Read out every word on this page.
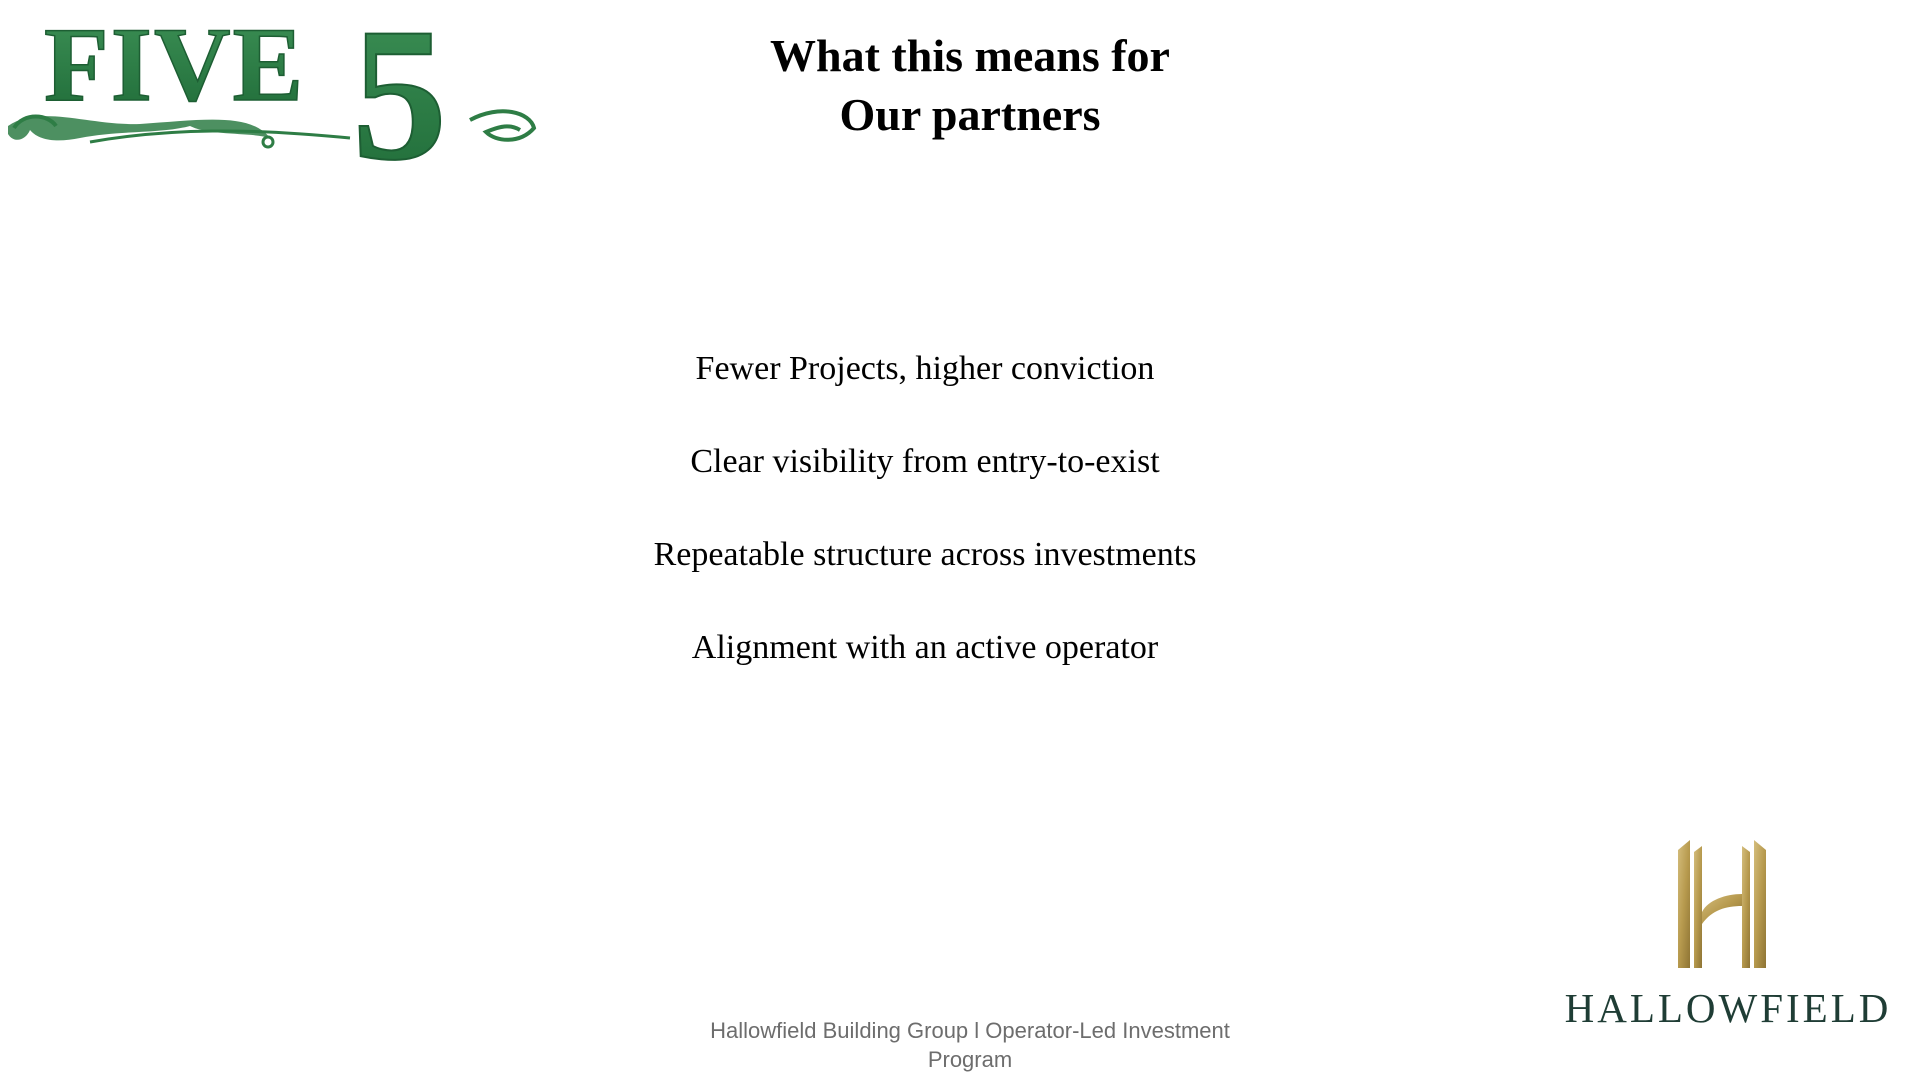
FIVE 5	What this means for
Our partners
Fewer Projects, higher conviction
Clear visibility from entry-to-exist
Repeatable structure across investments
Alignment with an active operator
Hallowfield Building Group l Operator-Led Investment
Program
HALLOWFIELD
